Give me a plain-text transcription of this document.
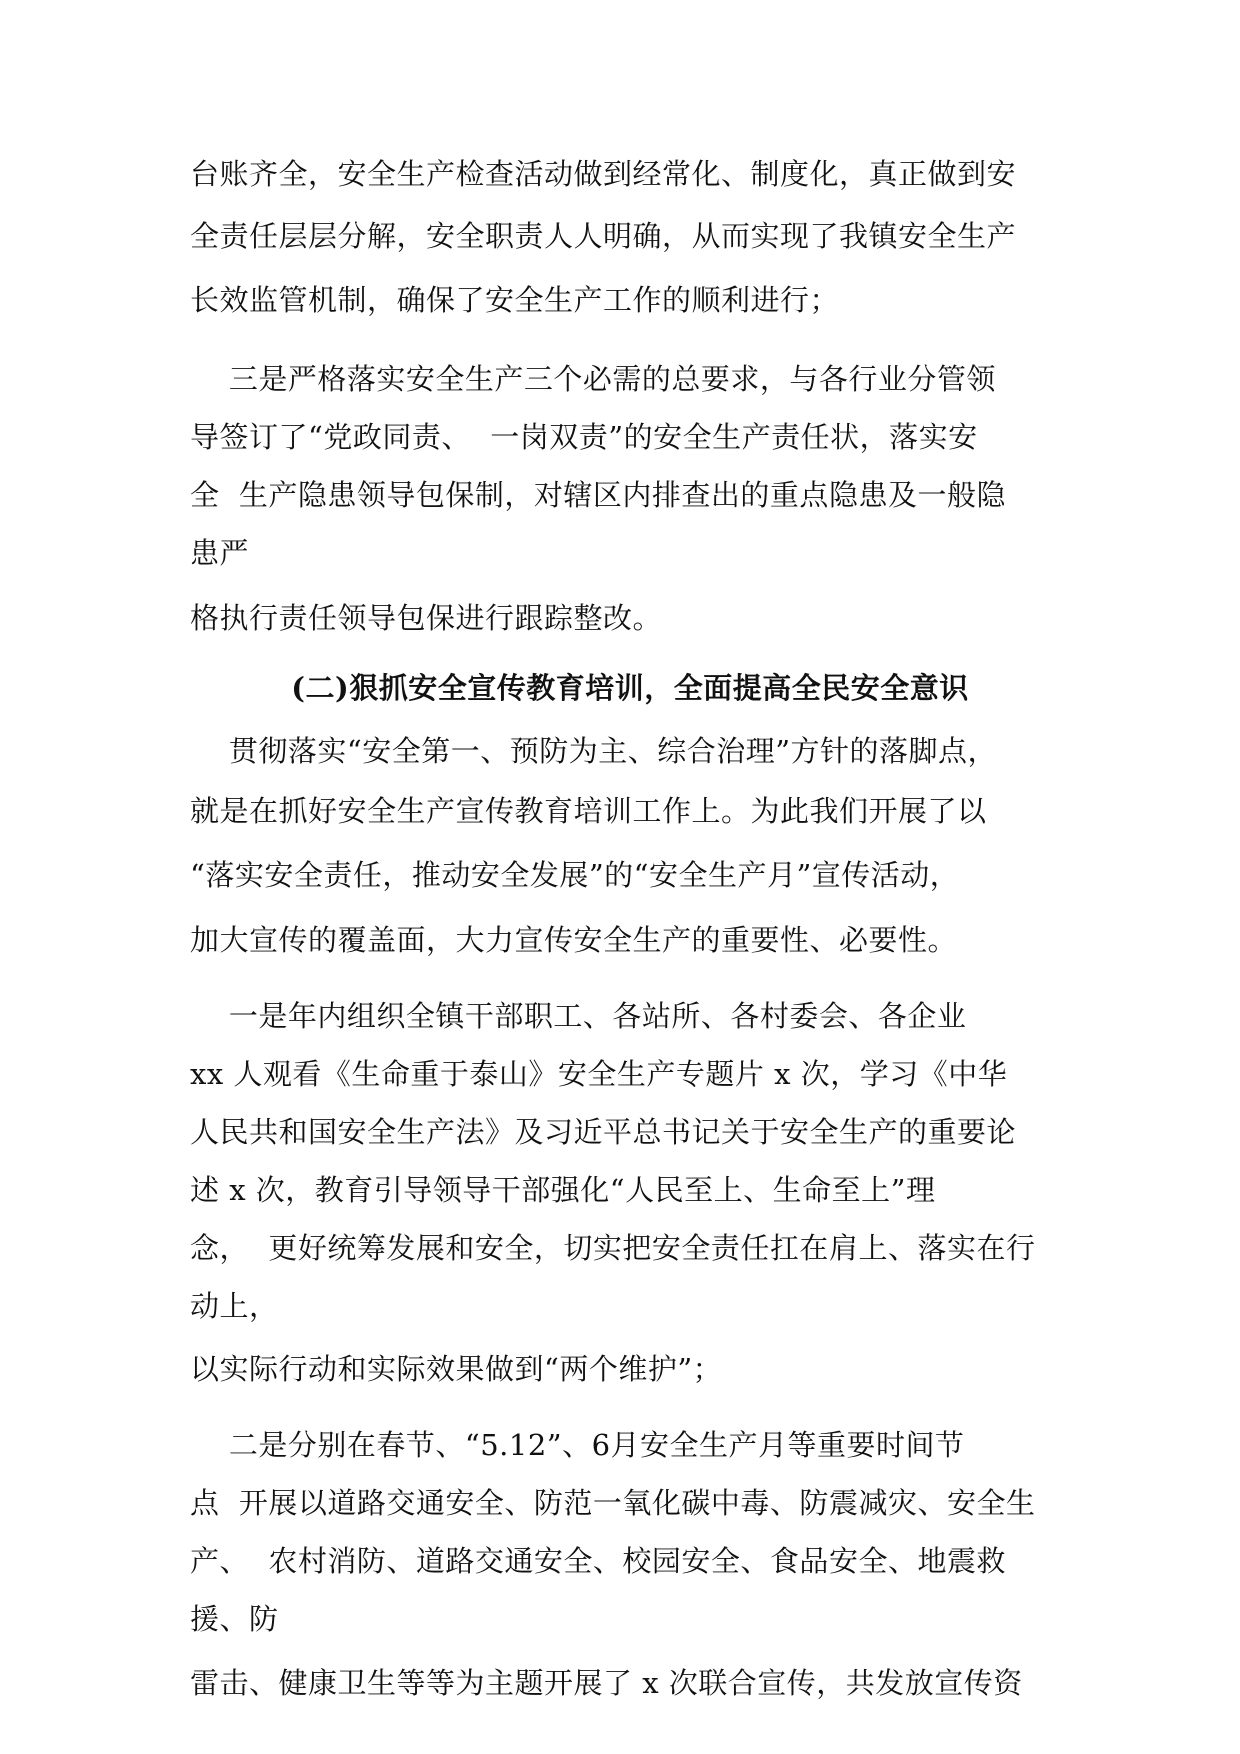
台账齐全，安全生产检查活动做到经常化、制度化，真正做到安
全责任层层分解，安全职责人人明确，从而实现了我镇安全生产
长效监管机制，确保了安全生产工作的顺利进行；
三是严格落实安全生产三个必需的总要求，与各行业分管领
导签订了“党政同责、  一岗双责”的安全生产责任状，落实安
全  生产隐患领导包保制，对辖区内排查出的重点隐患及一般隐
患严
格执行责任领导包保进行跟踪整改。
(二)狠抓安全宣传教育培训，全面提高全民安全意识
贯彻落实“安全第一、预防为主、综合治理”方针的落脚点，
就是在抓好安全生产宣传教育培训工作上。为此我们开展了以
“落实安全责任，推动安全发展”的“安全生产月”宣传活动，
加大宣传的覆盖面，大力宣传安全生产的重要性、必要性。
一是年内组织全镇干部职工、各站所、各村委会、各企业
xx 人观看《生命重于泰山》安全生产专题片 x 次，学习《中华
人民共和国安全生产法》及习近平总书记关于安全生产的重要论
述 x 次，教育引导领导干部强化“人民至上、生命至上”理
念，  更好统筹发展和安全，切实把安全责任扛在肩上、落实在行
动上，
以实际行动和实际效果做到“两个维护”；
二是分别在春节、“5.12”、6月安全生产月等重要时间节
点  开展以道路交通安全、防范一氧化碳中毒、防震减灾、安全生
产、  农村消防、道路交通安全、校园安全、食品安全、地震救
援、防
雷击、健康卫生等等为主题开展了 x 次联合宣传，共发放宣传资
